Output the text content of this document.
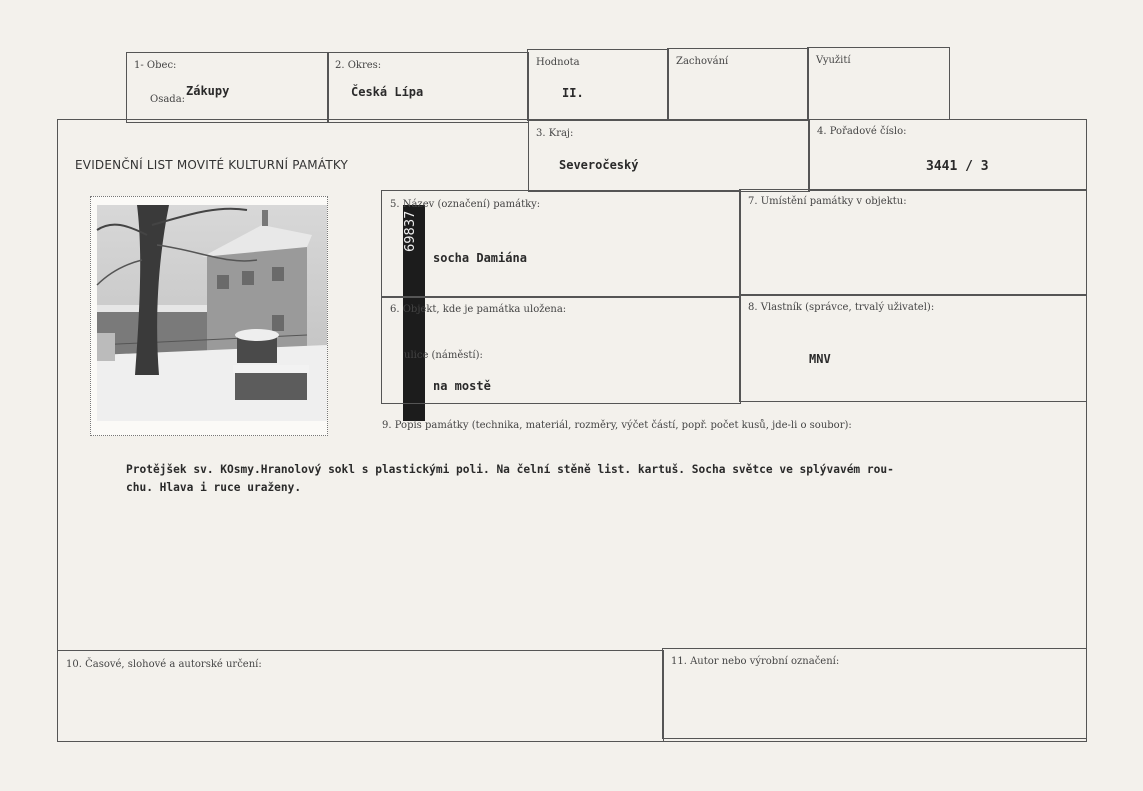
1- Obec:
Osada:
Zákupy
2. Okres:
Česká Lípa
Hodnota
II.
Zachování	Využití
EVIDENČNÍ LIST MOVITÉ KULTURNÍ PAMÁTKY
3. Kraj:
Severočeský
4. Pořadové číslo:
3441 / 3
69837
5. Název (označení) památky:
socha Damiána
7. Umístění památky v objektu:
6. Objekt, kde je památka uložena:
ulice (náměstí):
na mostě
8. Vlastník (správce, trvalý uživatel):
MNV
9. Popis památky (technika, materiál, rozměry, výčet částí, popř. počet kusů, jde-li o soubor):
Protějšek sv. KOsmy.Hranolový sokl s plastickými poli. Na čelní stěně list. kartuš. Socha světce ve splývavém rou-
chu. Hlava i ruce uraženy.
10. Časové, slohové a autorské určení:	11. Autor nebo výrobní označení:
